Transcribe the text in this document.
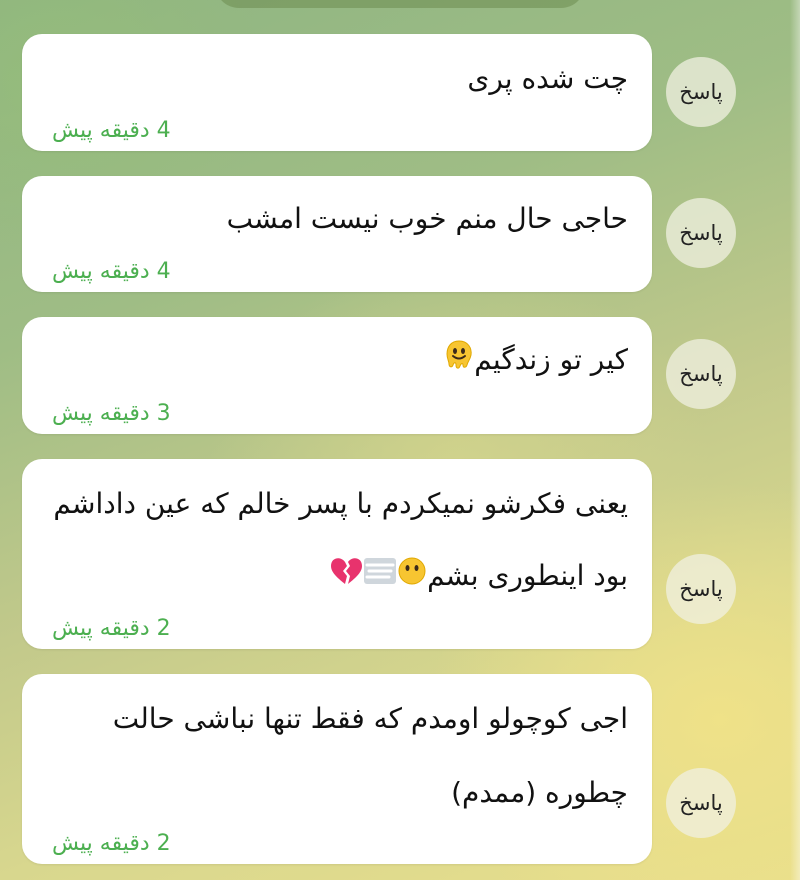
چت شده پری
4 دقیقه پیش
پاسخ
حاجی حال منم خوب نیست امشب
4 دقیقه پیش
پاسخ
کیر تو زندگیم
3 دقیقه پیش
پاسخ
یعنی فکرشو نمیکردم با پسر خالم که عین داداشم
بود اینطوری بشم
2 دقیقه پیش
پاسخ
اجی کوچولو اومدم که فقط تنها نباشی حالت
چطوره (ممدم)
2 دقیقه پیش
پاسخ
